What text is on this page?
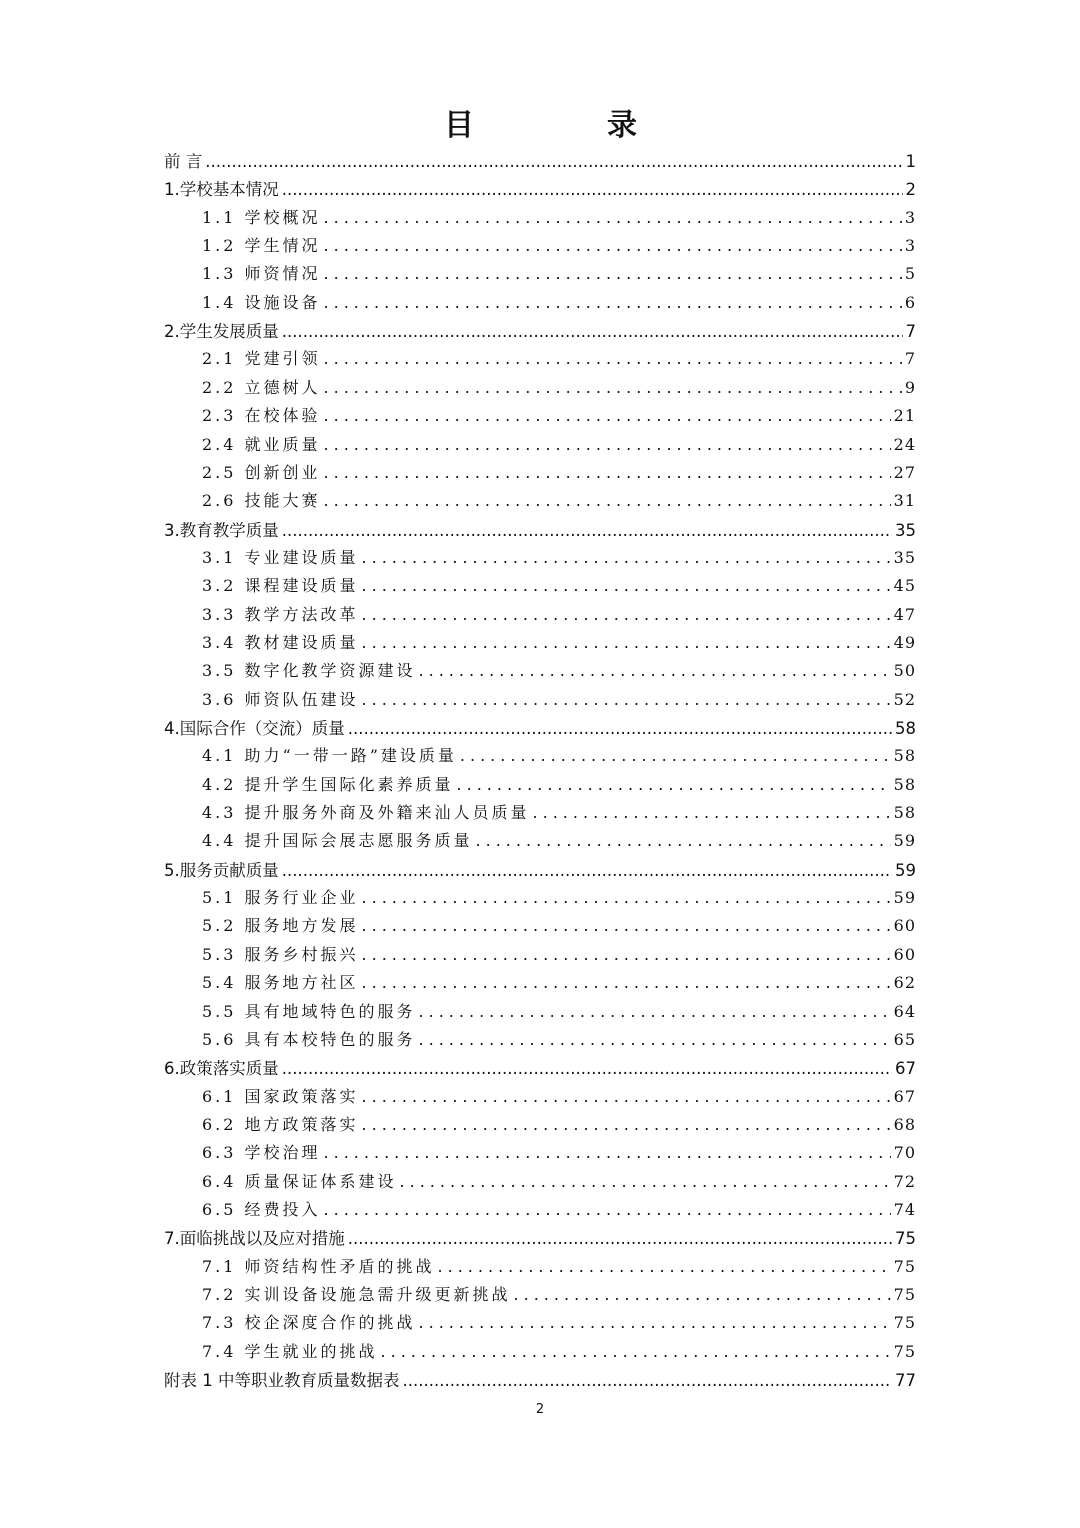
目	录
前 言 .....	1
1. 学校基本情况 .....	2
1.1 学校概况 .....	3
1.2 学生情况 .....	3
1.3 师资情况 .....	5
1.4 设施设备 .....	6
2. 学生发展质量 .....	7
2.1 党建引领 .....	7
2.2 立德树人 .....	9
2.3 在校体验 .....	21
2.4 就业质量 .....	24
2.5 创新创业 .....	27
2.6 技能大赛 .....	31
3. 教育教学质量 .....	35
3.1 专业建设质量 .....	35
3.2 课程建设质量 .....	45
3.3 教学方法改革 .....	47
3.4 教材建设质量 .....	49
3.5 数字化教学资源建设 .....	50
3.6 师资队伍建设 .....	52
4. 国际合作（交流）质量 .....	58
4.1 助力“一带一路”建设质量 .....	58
4.2 提升学生国际化素养质量 .....	58
4.3 提升服务外商及外籍来汕人员质量 .....	58
4.4 提升国际会展志愿服务质量 .....	59
5. 服务贡献质量 .....	59
5.1 服务行业企业 .....	59
5.2 服务地方发展 .....	60
5.3 服务乡村振兴 .....	60
5.4 服务地方社区 .....	62
5.5 具有地域特色的服务 .....	64
5.6 具有本校特色的服务 .....	65
6. 政策落实质量 .....	67
6.1 国家政策落实 .....	67
6.2 地方政策落实 .....	68
6.3 学校治理 .....	70
6.4 质量保证体系建设 .....	72
6.5 经费投入 .....	74
7. 面临挑战以及应对措施 .....	75
7.1 师资结构性矛盾的挑战 .....	75
7.2 实训设备设施急需升级更新挑战 .....	75
7.3 校企深度合作的挑战 .....	75
7.4 学生就业的挑战 .....	75
附表 1 中等职业教育质量数据表 .....	77
2
